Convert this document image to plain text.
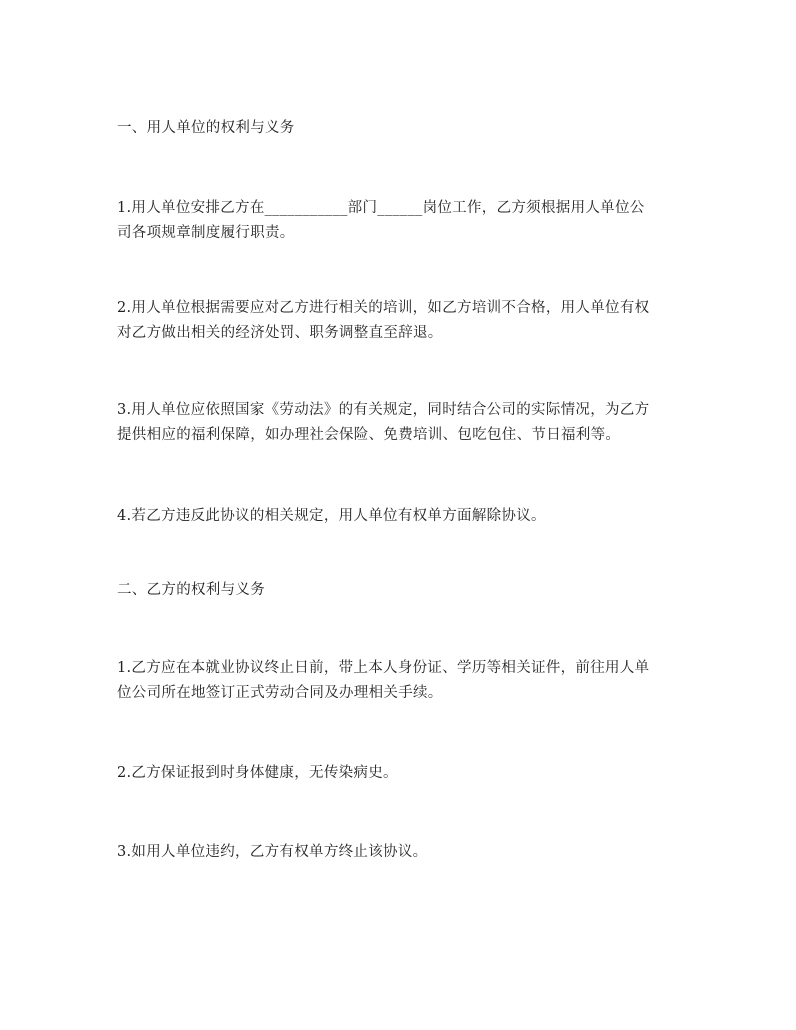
一、用人单位的权利与义务
1.用人单位安排乙方在___________部门______岗位工作，乙方须根据用人单位公
司各项规章制度履行职责。
2.用人单位根据需要应对乙方进行相关的培训，如乙方培训不合格，用人单位有权
对乙方做出相关的经济处罚、职务调整直至辞退。
3.用人单位应依照国家《劳动法》的有关规定，同时结合公司的实际情况，为乙方
提供相应的福利保障，如办理社会保险、免费培训、包吃包住、节日福利等。
4.若乙方违反此协议的相关规定，用人单位有权单方面解除协议。
二、乙方的权利与义务
1.乙方应在本就业协议终止日前，带上本人身份证、学历等相关证件，前往用人单
位公司所在地签订正式劳动合同及办理相关手续。
2.乙方保证报到时身体健康，无传染病史。
3.如用人单位违约，乙方有权单方终止该协议。
